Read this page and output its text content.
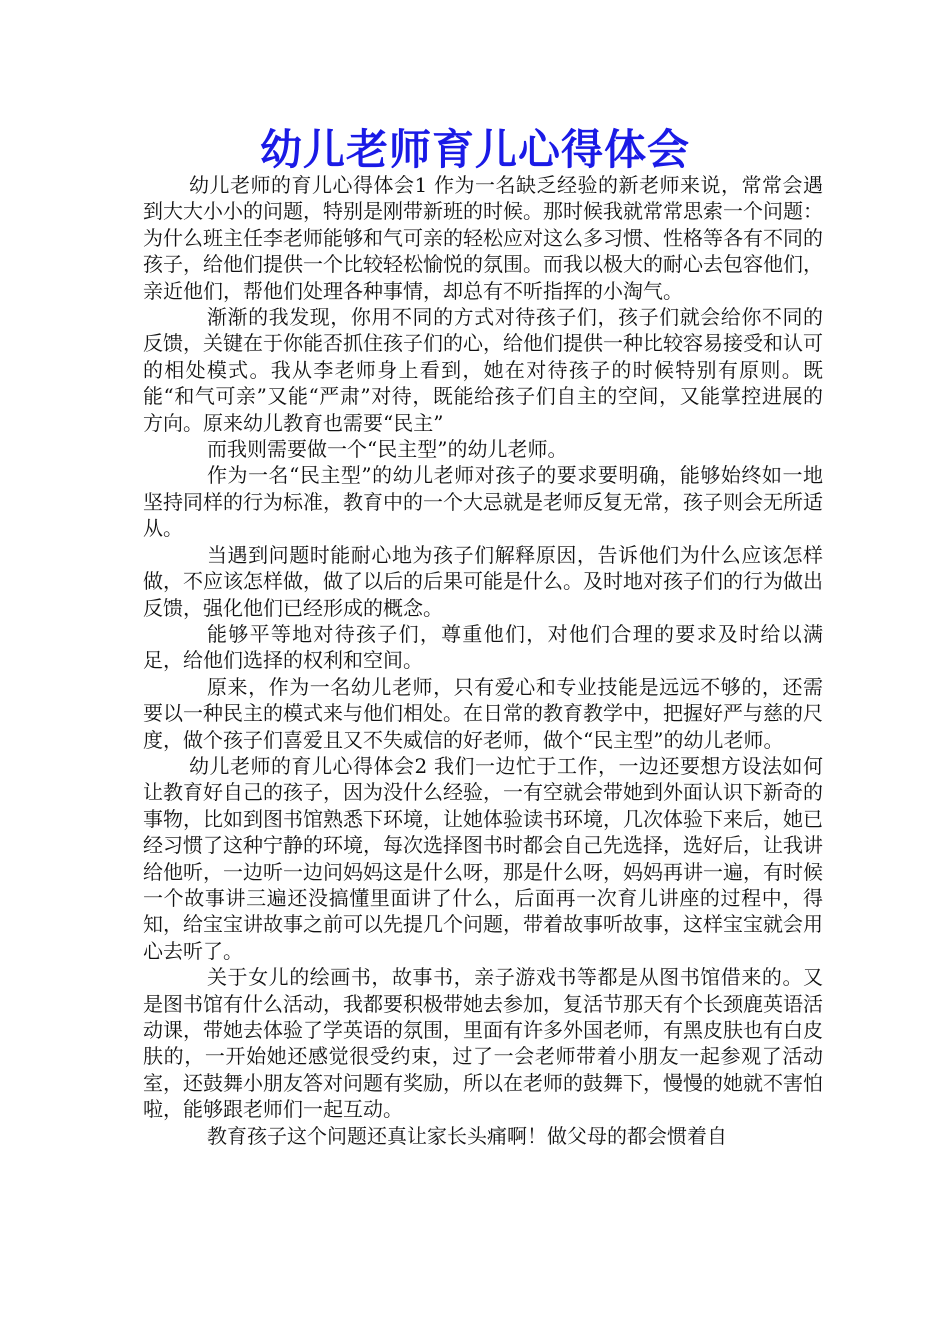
幼儿老师育儿心得体会

幼儿老师的育儿心得体会1 作为一名缺乏经验的新老师来说，常常会遇到大大小小的问题，特别是刚带新班的时候。那时候我就常常思索一个问题：为什么班主任李老师能够和气可亲的轻松应对这么多习惯、性格等各有不同的孩子，给他们提供一个比较轻松愉悦的氛围。而我以极大的耐心去包容他们，亲近他们，帮他们处理各种事情，却总有不听指挥的小淘气。

渐渐的我发现，你用不同的方式对待孩子们，孩子们就会给你不同的反馈，关键在于你能否抓住孩子们的心，给他们提供一种比较容易接受和认可的相处模式。我从李老师身上看到，她在对待孩子的时候特别有原则。既能“和气可亲”又能“严肃”对待，既能给孩子们自主的空间，又能掌控进展的方向。原来幼儿教育也需要“民主”

而我则需要做一个“民主型”的幼儿老师。

作为一名“民主型”的幼儿老师对孩子的要求要明确，能够始终如一地坚持同样的行为标准，教育中的一个大忌就是老师反复无常，孩子则会无所适从。

当遇到问题时能耐心地为孩子们解释原因，告诉他们为什么应该怎样做，不应该怎样做，做了以后的后果可能是什么。及时地对孩子们的行为做出反馈，强化他们已经形成的概念。

能够平等地对待孩子们，尊重他们，对他们合理的要求及时给以满足，给他们选择的权利和空间。

原来，作为一名幼儿老师，只有爱心和专业技能是远远不够的，还需要以一种民主的模式来与他们相处。在日常的教育教学中，把握好严与慈的尺度，做个孩子们喜爱且又不失威信的好老师，做个“民主型”的幼儿老师。

幼儿老师的育儿心得体会2 我们一边忙于工作，一边还要想方设法如何让教育好自己的孩子，因为没什么经验，一有空就会带她到外面认识下新奇的事物，比如到图书馆熟悉下环境，让她体验读书环境，几次体验下来后，她已经习惯了这种宁静的环境，每次选择图书时都会自己先选择，选好后，让我讲给他听，一边听一边问妈妈这是什么呀，那是什么呀，妈妈再讲一遍，有时候一个故事讲三遍还没搞懂里面讲了什么，后面再一次育儿讲座的过程中，得知，给宝宝讲故事之前可以先提几个问题，带着故事听故事，这样宝宝就会用心去听了。

关于女儿的绘画书，故事书，亲子游戏书等都是从图书馆借来的。又是图书馆有什么活动，我都要积极带她去参加，复活节那天有个长颈鹿英语活动课，带她去体验了学英语的氛围，里面有许多外国老师，有黑皮肤也有白皮肤的，一开始她还感觉很受约束，过了一会老师带着小朋友一起参观了活动室，还鼓舞小朋友答对问题有奖励，所以在老师的鼓舞下，慢慢的她就不害怕啦，能够跟老师们一起互动。

教育孩子这个问题还真让家长头痛啊！做父母的都会惯着自
